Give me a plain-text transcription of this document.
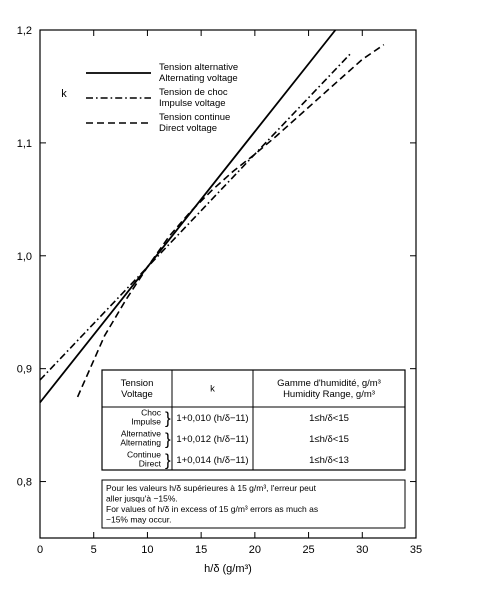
0	5	10	15	20	25	30	35
0,8
0,9
1,0
1,1
1,2
k
h/δ (g/m³)
Tension alternative
Alternating voltage
Tension de choc
Impulse voltage
Tension continue
Direct voltage
Tension
Voltage	k	Gamme d'humidité, g/m³
Humidity Range, g/m³
Choc
Impulse } 1+0,010 (h/δ−11)	1≤h/δ<15
Alternative
Alternating } 1+0,012 (h/δ−11)	1≤h/δ<15
Continue
Direct } 1+0,014 (h/δ−11)	1≤h/δ<13
Pour les valeurs h/δ supérieures à 15 g/m³, l'erreur peut
aller jusqu'à −15%.
For values of h/δ in excess of 15 g/m³ errors as much as
−15% may occur.
